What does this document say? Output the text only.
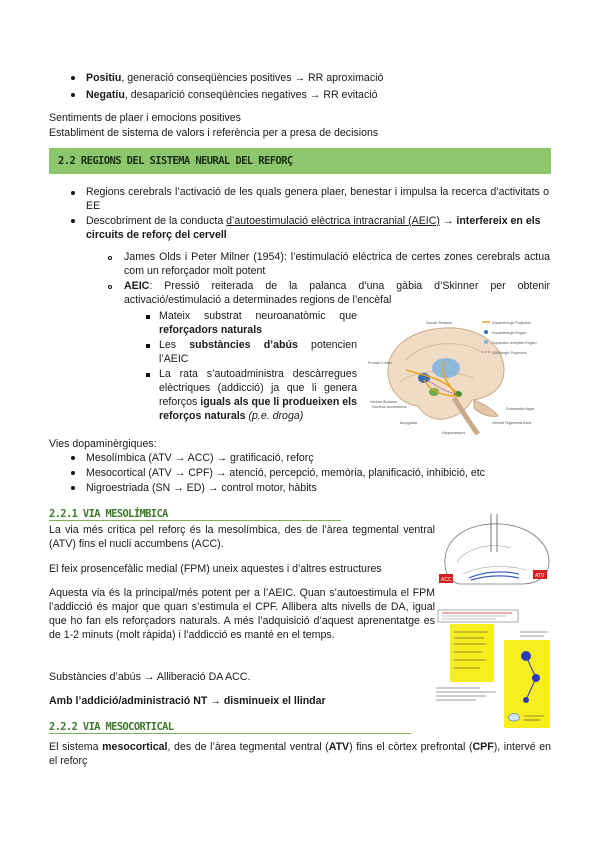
Positiu, generació conseqüències positives → RR aproximació
Negatiu, desaparició conseqüències negatives → RR evitació
Sentiments de plaer i emocions positives
Establiment de sistema de valors i referència per a presa de decisions
2.2 REGIONS DEL SISTEMA NEURAL DEL REFORÇ
Regions cerebrals l’activació de les quals genera plaer, benestar i impulsa la recerca d’activitats o EE
Descobriment de la conducta d’autoestimulació elèctrica intracranial (AEIC) → interfereix en els circuits de reforç del cervell
James Olds i Peter Milner (1954): l’estimulació elèctrica de certes zones cerebrals actua com un reforçador molt potent
AEIC: Pressió reiterada de la palanca d’una gàbia d’Skinner per obtenir activació/estimulació a determinades regions de l’encèfal
Mateix substrat neuroanatòmic que reforçadors naturals
Les substàncies d’abús potencien l’AEIC
La rata s’autoadministra descàrregues elèctriques (addicció) ja que li genera reforços iguals als que li produeixen els reforços naturals (p.e. droga)
Dopaminergic Projection
Dopaminergic Region
Dopamine-receptive Region
GABAergic Projection
Dorsal Striatum
Frontal Cortex
Nucleus Accumbens
Ventral Striatum
Amygdala
Hippocampus
Substantia Nigra
Ventral Tegmental Area
Vies dopaminèrgiques:
Mesolímbica (ATV → ACC) → gratificació, reforç
Mesocortical (ATV → CPF) → atenció, percepció, memòria, planificació, inhibició, etc
Nigroestriada (SN → ED) → control motor, hàbits
2.2.1 VIA MESOLÍMBICA
La via més crítica pel reforç és la mesolímbica, des de l’àrea tegmental ventral (ATV) fins el nucli accumbens (ACC).
El feix prosencefàlic medial (FPM) uneix aquestes i d’altres estructures
Aquesta via és la principal/més potent per a l’AEIC. Quan s’autoestimula el FPM l’addicció és major que quan s’estimula el CPF. Allibera alts nivells de DA, igual que ho fan els reforçadors naturals. A més l’adquisició d’aquest aprenentatge es de 1-2 minuts (molt ràpida) i l’addicció es manté en el temps.
Substàncies d’abús → Alliberació DA ACC.
Amb l’addició/administració NT → disminueix el llindar
ACC
ATV
2.2.2 VIA MESOCORTICAL
El sistema mesocortical, des de l’àrea tegmental ventral (ATV) fins el còrtex prefrontal (CPF), intervé en el reforç
